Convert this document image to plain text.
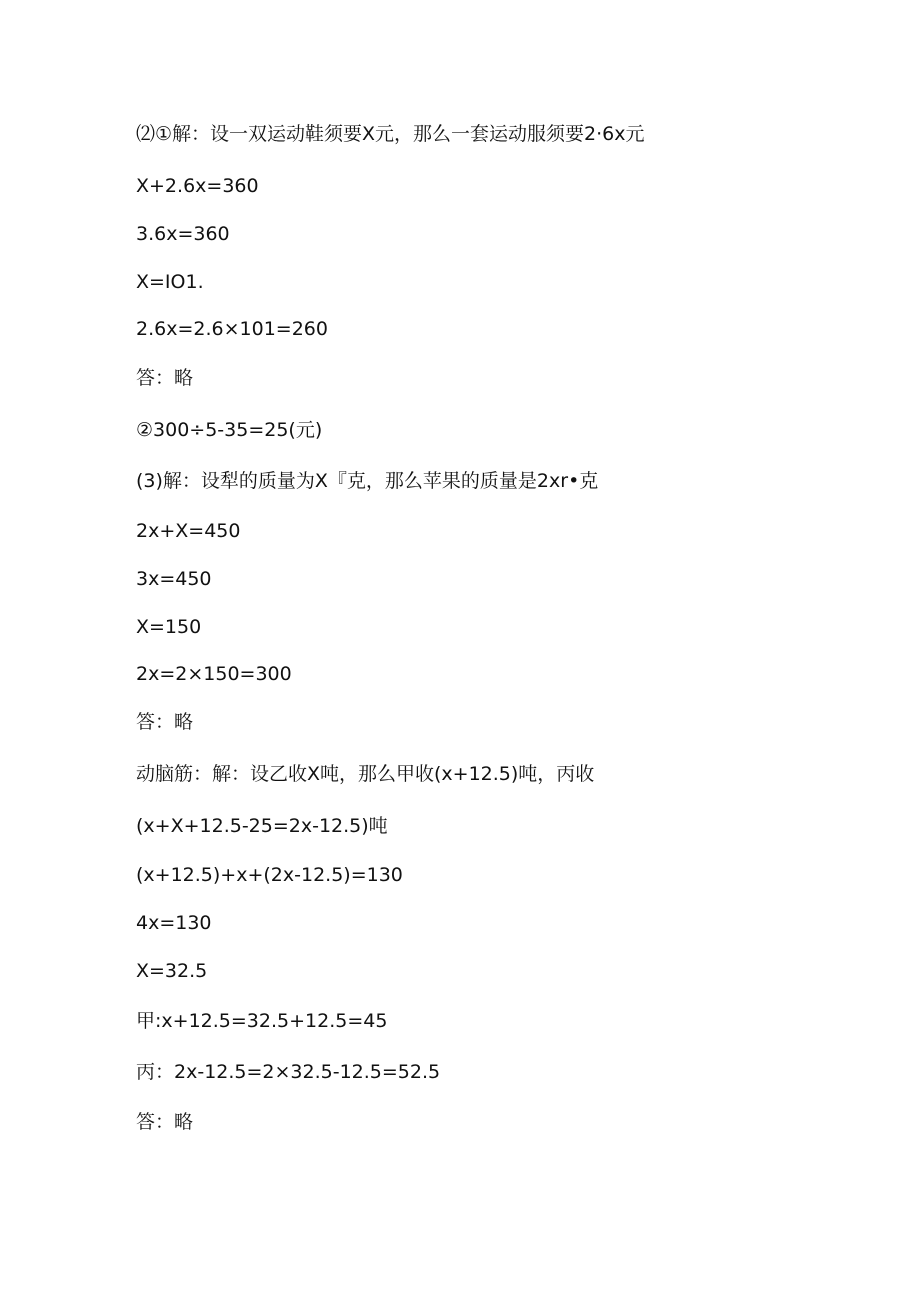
⑵①解：设一双运动鞋须要X元，那么一套运动服须要2·6x元
X+2.6x=360
3.6x=360
X=IO1.
2.6x=2.6×101=260
答：略
②300÷5-35=25(元)
(3)解：设犁的质量为X『克，那么苹果的质量是2xr•克
2x+X=450
3x=450
X=150
2x=2×150=300
答：略
动脑筋：解：设乙收X吨，那么甲收(x+12.5)吨，丙收
(x+X+12.5-25=2x-12.5)吨
(x+12.5)+x+(2x-12.5)=130
4x=130
X=32.5
甲:x+12.5=32.5+12.5=45
丙：2x-12.5=2×32.5-12.5=52.5
答：略
